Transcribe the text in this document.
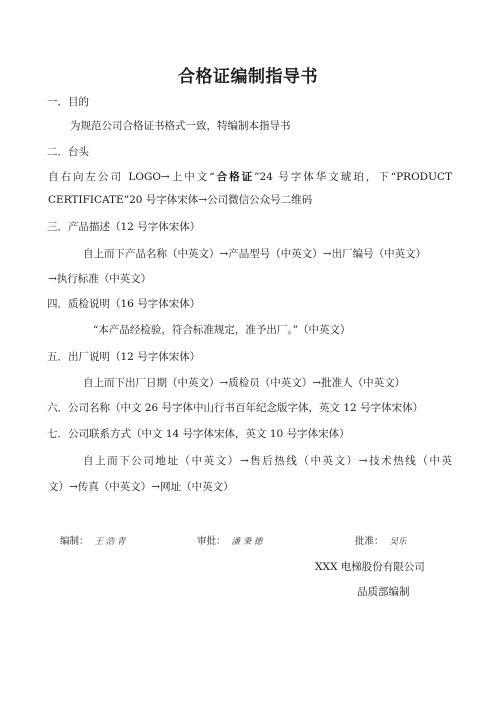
合格证编制指导书
一．目的
为规范公司合格证书格式一致，特编制本指导书
二．台头
自右向左公司 LOGO→上中文“合格证”24 号字体华文琥珀，下“PRODUCT
CERTIFICATE”20 号字体宋体→公司微信公众号二维码
三．产品描述（12 号字体宋体）
自上而下产品名称（中英文）→产品型号（中英文）→出厂编号（中英文）
→执行标准（中英文）
四．质检说明（16 号字体宋体）
“本产品经检验，符合标准规定，准予出厂。”（中英文）
五．出厂说明（12 号字体宋体）
自上而下出厂日期（中英文）→质检员（中英文）→批准人（中英文）
六．公司名称（中文 26 号字体中山行书百年纪念版字体，英文 12 号字体宋体）
七．公司联系方式（中文 14 号字体宋体，英文 10 号字体宋体）
自上而下公司地址（中英文）→售后热线（中英文）→技术热线（中英
文）→传真（中英文）→网址（中英文）
编制： 王 浩 青	审批： 潘 秉 德	批准： 吴乐
XXX 电梯股份有限公司
品质部编制
